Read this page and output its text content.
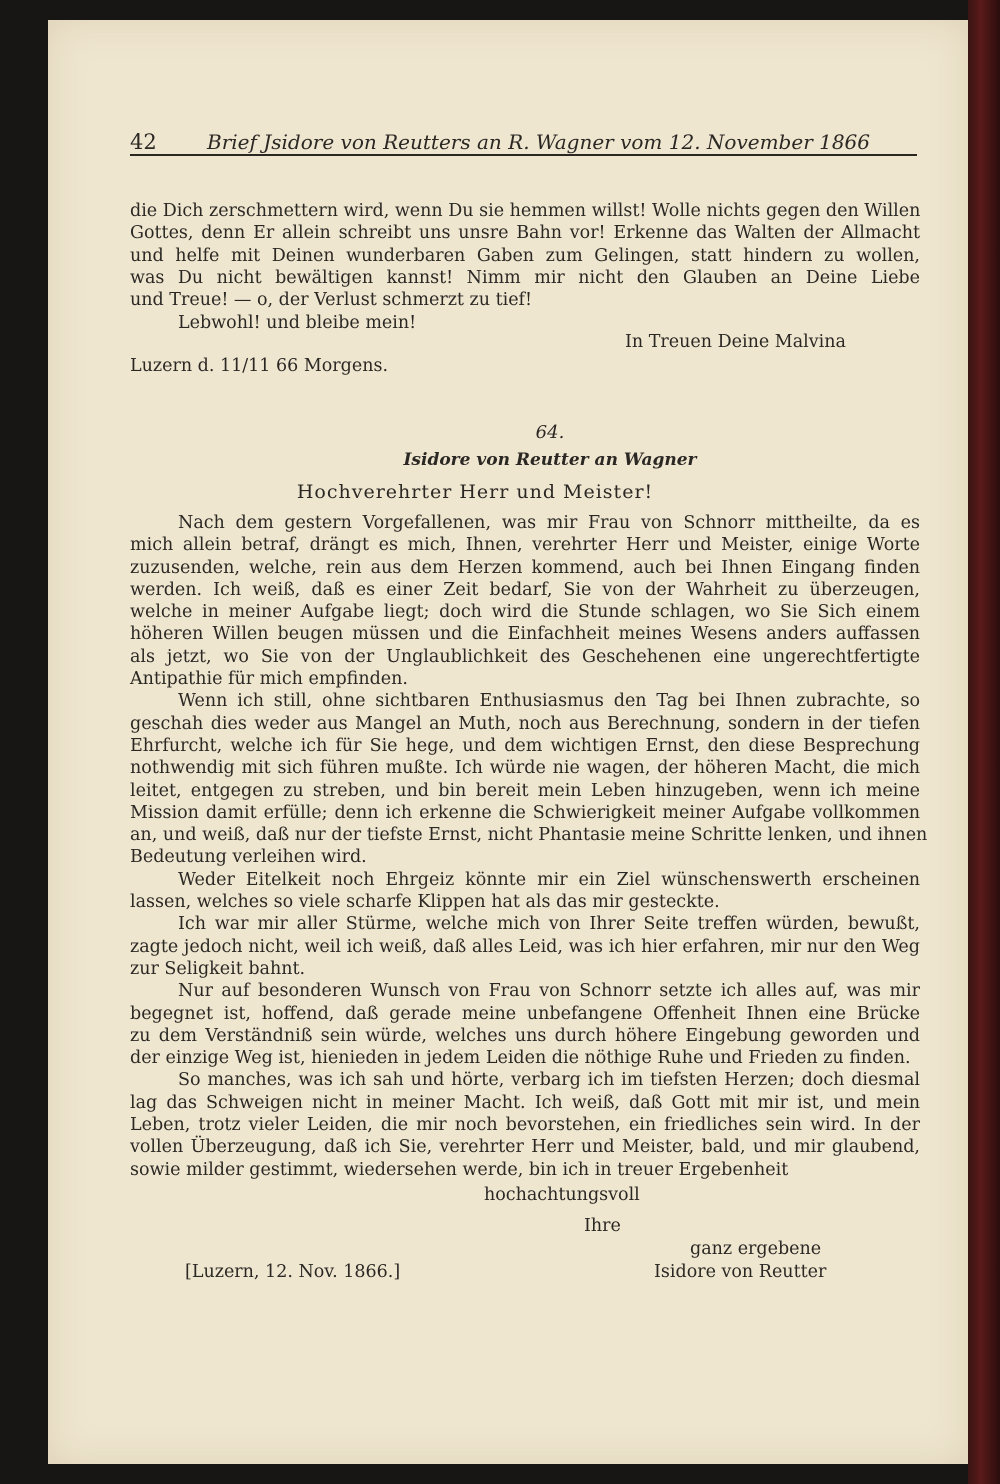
42	Brief Jsidore von Reutters an R. Wagner vom 12. November 1866
die Dich zerschmettern wird, wenn Du sie hemmen willst! Wolle nichts gegen den Willen
Gottes, denn Er allein schreibt uns unsre Bahn vor! Erkenne das Walten der Allmacht
und helfe mit Deinen wunderbaren Gaben zum Gelingen, statt hindern zu wollen,
was Du nicht bewältigen kannst! Nimm mir nicht den Glauben an Deine Liebe
und Treue! — o, der Verlust schmerzt zu tief!
Lebwohl! und bleibe mein!
In Treuen Deine Malvina
Luzern d. 11/11 66 Morgens.
64.
Isidore von Reutter an Wagner
Hochverehrter Herr und Meister!
Nach dem gestern Vorgefallenen, was mir Frau von Schnorr mittheilte, da es
mich allein betraf, drängt es mich, Ihnen, verehrter Herr und Meister, einige Worte
zuzusenden, welche, rein aus dem Herzen kommend, auch bei Ihnen Eingang finden
werden. Ich weiß, daß es einer Zeit bedarf, Sie von der Wahrheit zu überzeugen,
welche in meiner Aufgabe liegt; doch wird die Stunde schlagen, wo Sie Sich einem
höheren Willen beugen müssen und die Einfachheit meines Wesens anders auffassen
als jetzt, wo Sie von der Unglaublichkeit des Geschehenen eine ungerechtfertigte
Antipathie für mich empfinden.
Wenn ich still, ohne sichtbaren Enthusiasmus den Tag bei Ihnen zubrachte, so
geschah dies weder aus Mangel an Muth, noch aus Berechnung, sondern in der tiefen
Ehrfurcht, welche ich für Sie hege, und dem wichtigen Ernst, den diese Besprechung
nothwendig mit sich führen mußte. Ich würde nie wagen, der höheren Macht, die mich
leitet, entgegen zu streben, und bin bereit mein Leben hinzugeben, wenn ich meine
Mission damit erfülle; denn ich erkenne die Schwierigkeit meiner Aufgabe vollkommen
an, und weiß, daß nur der tiefste Ernst, nicht Phantasie meine Schritte lenken, und ihnen
Bedeutung verleihen wird.
Weder Eitelkeit noch Ehrgeiz könnte mir ein Ziel wünschenswerth erscheinen
lassen, welches so viele scharfe Klippen hat als das mir gesteckte.
Ich war mir aller Stürme, welche mich von Ihrer Seite treffen würden, bewußt,
zagte jedoch nicht, weil ich weiß, daß alles Leid, was ich hier erfahren, mir nur den Weg
zur Seligkeit bahnt.
Nur auf besonderen Wunsch von Frau von Schnorr setzte ich alles auf, was mir
begegnet ist, hoffend, daß gerade meine unbefangene Offenheit Ihnen eine Brücke
zu dem Verständniß sein würde, welches uns durch höhere Eingebung geworden und
der einzige Weg ist, hienieden in jedem Leiden die nöthige Ruhe und Frieden zu finden.
So manches, was ich sah und hörte, verbarg ich im tiefsten Herzen; doch diesmal
lag das Schweigen nicht in meiner Macht. Ich weiß, daß Gott mit mir ist, und mein
Leben, trotz vieler Leiden, die mir noch bevorstehen, ein friedliches sein wird. In der
vollen Überzeugung, daß ich Sie, verehrter Herr und Meister, bald, und mir glaubend,
sowie milder gestimmt, wiedersehen werde, bin ich in treuer Ergebenheit
hochachtungsvoll
Ihre
ganz ergebene
Isidore von Reutter
[Luzern, 12. Nov. 1866.]
